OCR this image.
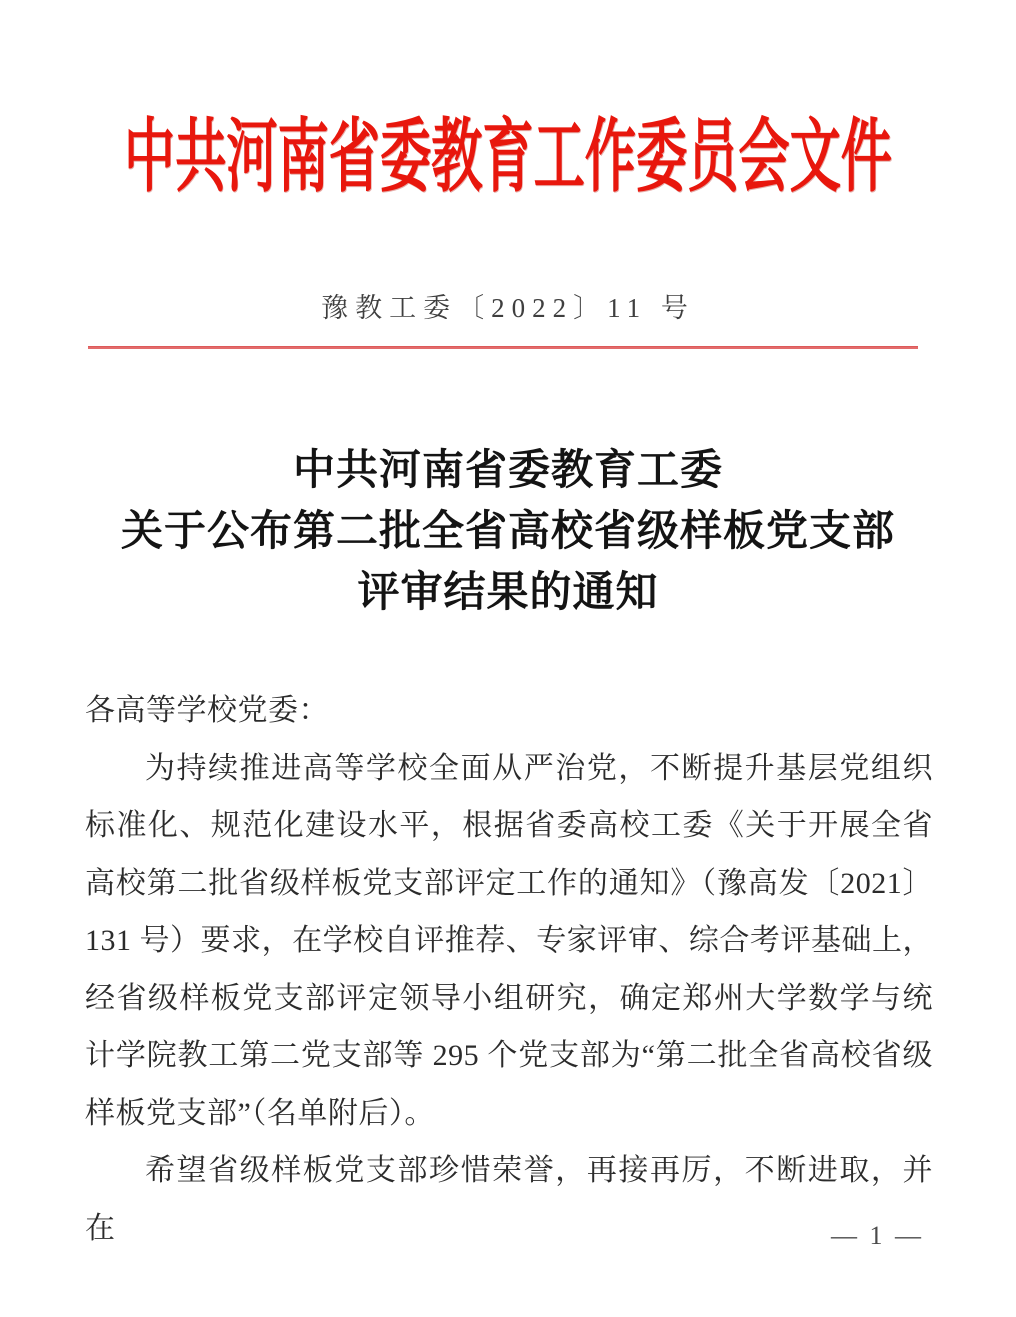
中共河南省委教育工作委员会文件
豫教工委〔2022〕11 号
中共河南省委教育工委
关于公布第二批全省高校省级样板党支部
评审结果的通知
各高等学校党委：
为持续推进高等学校全面从严治党，不断提升基层党组织标准化、规范化建设水平，根据省委高校工委《关于开展全省高校第二批省级样板党支部评定工作的通知》（豫高发〔2021〕131 号）要求，在学校自评推荐、专家评审、综合考评基础上，经省级样板党支部评定领导小组研究，确定郑州大学数学与统计学院教工第二党支部等 295 个党支部为“第二批全省高校省级样板党支部”（名单附后）。
希望省级样板党支部珍惜荣誉，再接再厉，不断进取，并在	— 1 —
